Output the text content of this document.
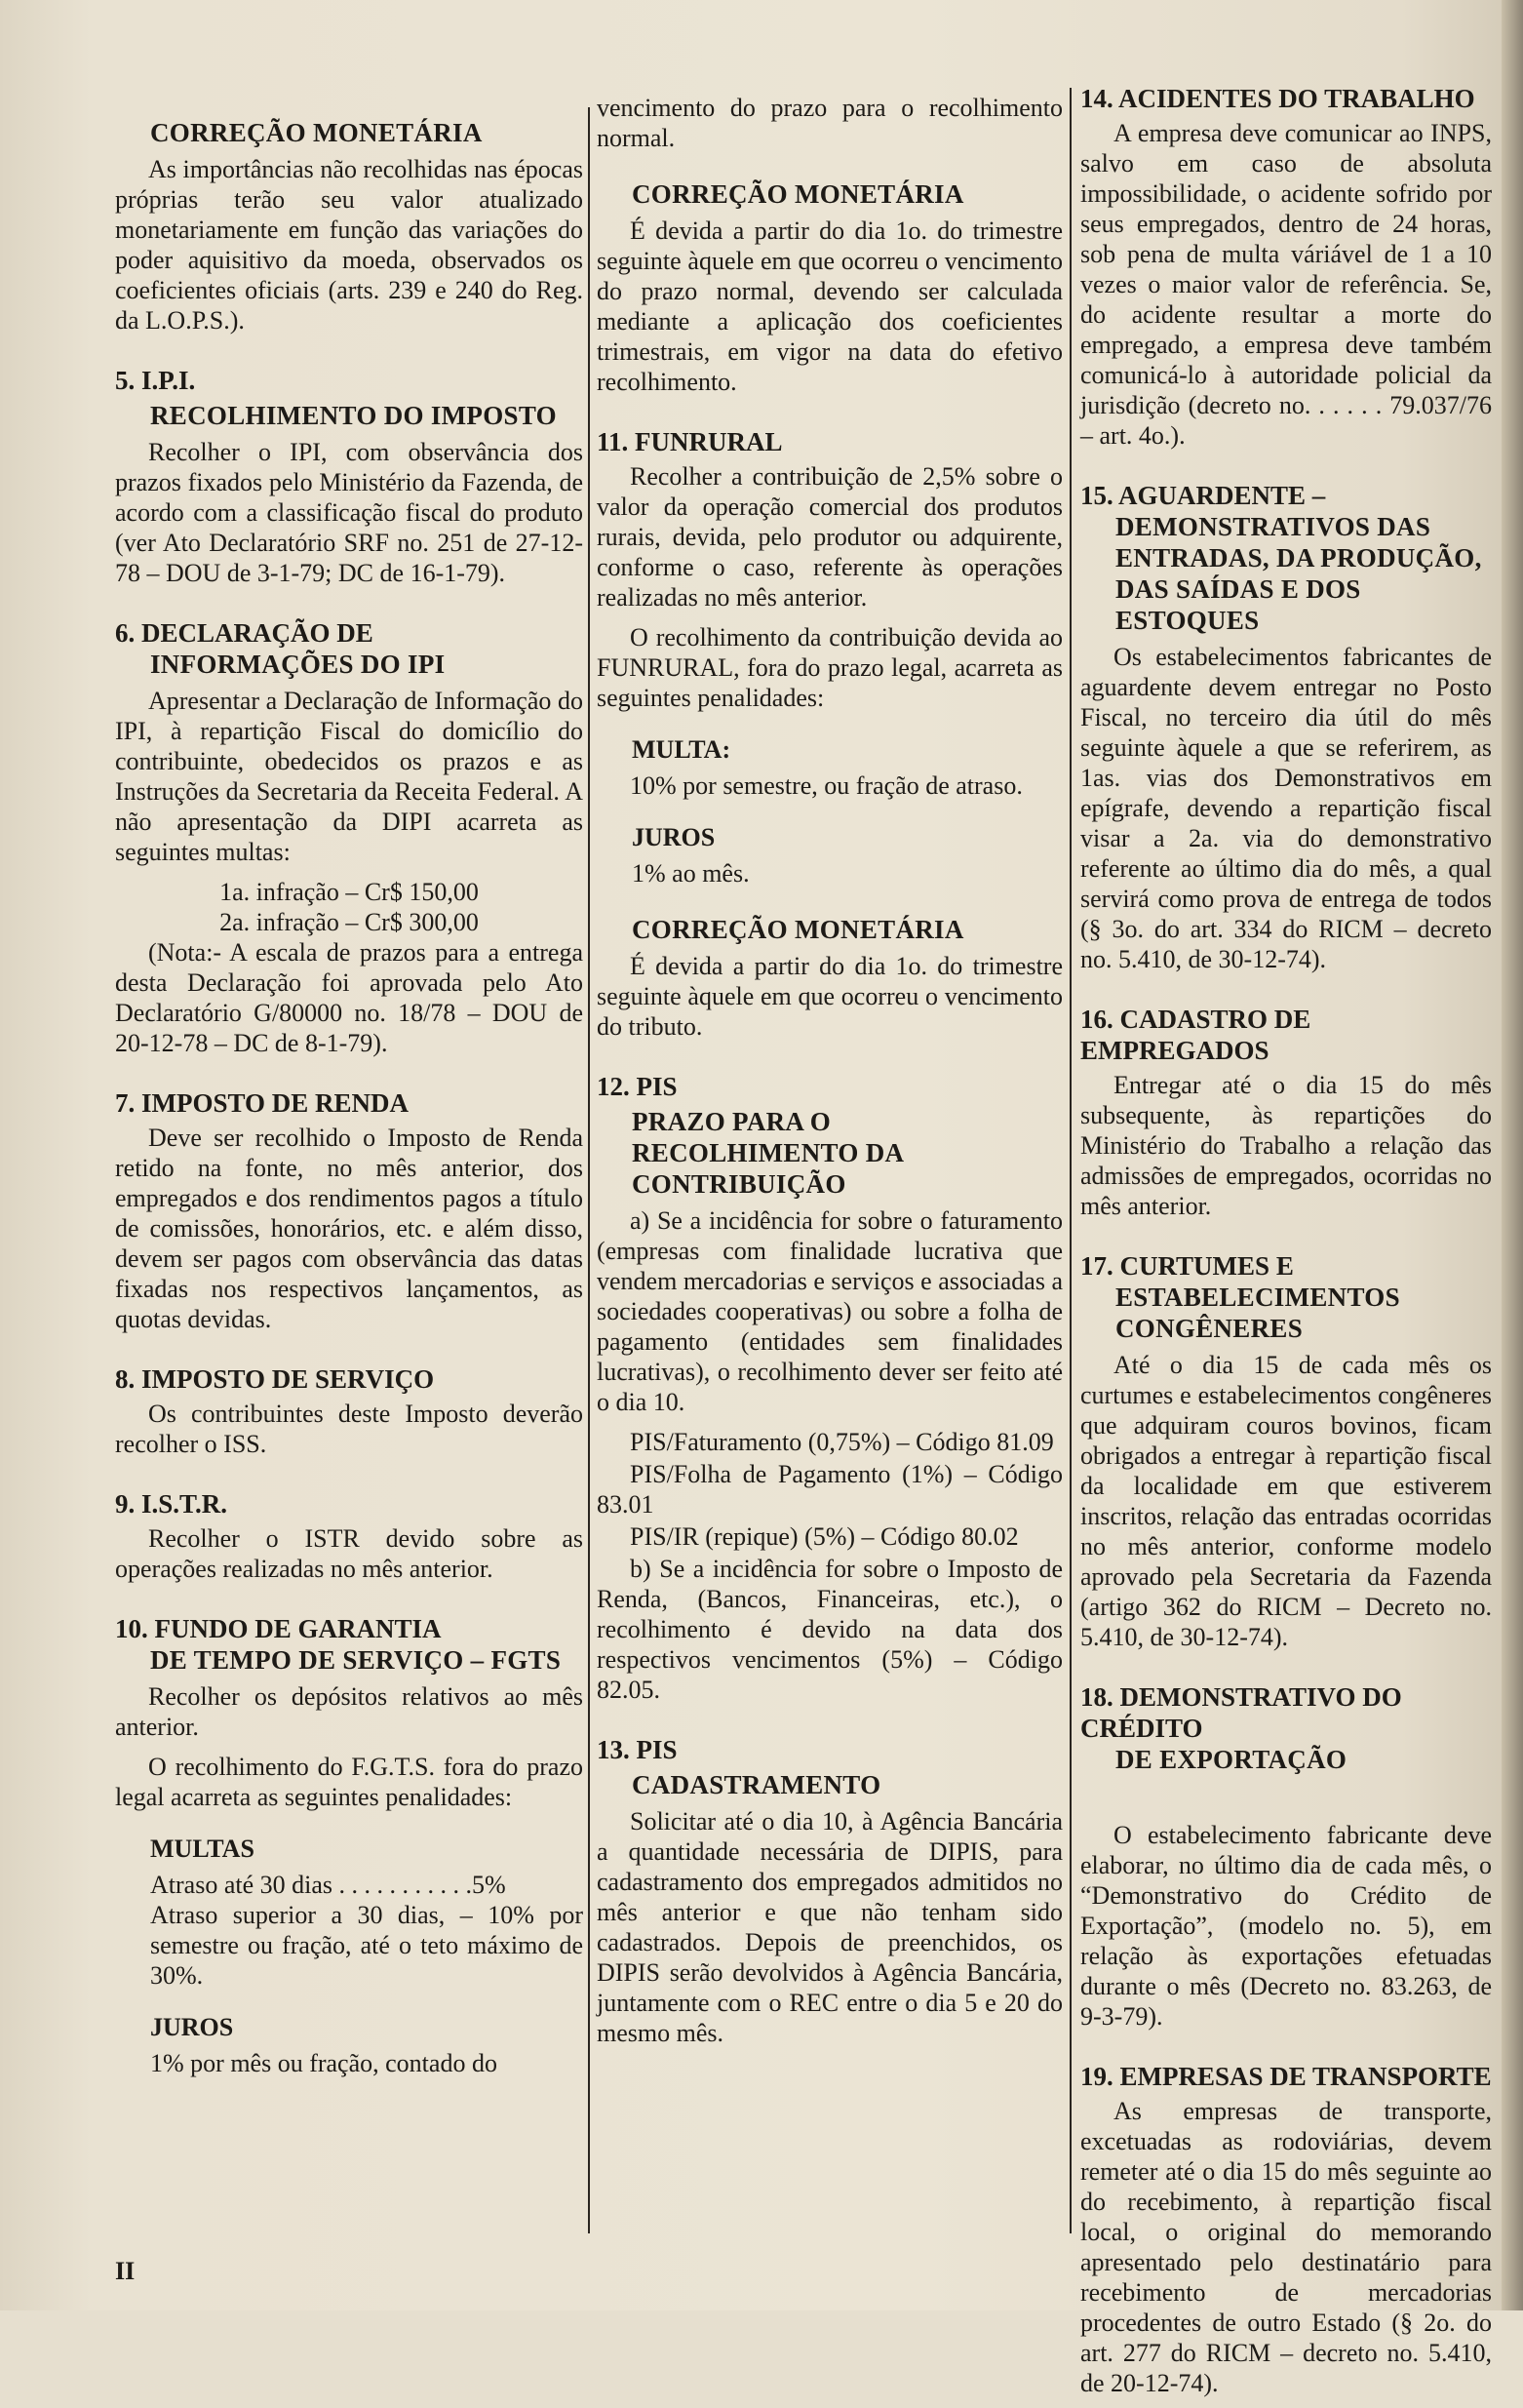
CORREÇÃO MONETÁRIA
As importâncias não recolhidas nas épocas próprias terão seu valor atualizado monetariamente em função das variações do poder aquisitivo da moeda, observados os coeficientes oficiais (arts. 239 e 240 do Reg. da L.O.P.S.).
5. I.P.I.
RECOLHIMENTO DO IMPOSTO
Recolher o IPI, com observância dos prazos fixados pelo Ministério da Fazenda, de acordo com a classificação fiscal do produto (ver Ato Declaratório SRF no. 251 de 27-12-78 – DOU de 3-1-79; DC de 16-1-79).
6. DECLARAÇÃO DE
INFORMAÇÕES DO IPI
Apresentar a Declaração de Informação do IPI, à repartição Fiscal do domicílio do contribuinte, obedecidos os prazos e as Instruções da Secretaria da Receita Federal. A não apresentação da DIPI acarreta as seguintes multas:
1a. infração – Cr$ 150,00
2a. infração – Cr$ 300,00
(Nota:- A escala de prazos para a entrega desta Declaração foi aprovada pelo Ato Declaratório G/80000 no. 18/78 – DOU de 20-12-78 – DC de 8-1-79).
7. IMPOSTO DE RENDA
Deve ser recolhido o Imposto de Renda retido na fonte, no mês anterior, dos empregados e dos rendimentos pagos a título de comissões, honorários, etc. e além disso, devem ser pagos com observância das datas fixadas nos respectivos lançamentos, as quotas devidas.
8. IMPOSTO DE SERVIÇO
Os contribuintes deste Imposto deverão recolher o ISS.
9. I.S.T.R.
Recolher o ISTR devido sobre as operações realizadas no mês anterior.
10. FUNDO DE GARANTIA
DE TEMPO DE SERVIÇO – FGTS
Recolher os depósitos relativos ao mês anterior.
O recolhimento do F.G.T.S. fora do prazo legal acarreta as seguintes penalidades:
MULTAS
Atraso até 30 dias . . . . . . . . . . .5%
Atraso superior a 30 dias, – 10% por semestre ou fração, até o teto máximo de 30%.
JUROS
1% por mês ou fração, contado do
vencimento do prazo para o recolhimento normal.
CORREÇÃO MONETÁRIA
É devida a partir do dia 1o. do trimestre seguinte àquele em que ocorreu o vencimento do prazo normal, devendo ser calculada mediante a aplicação dos coeficientes trimestrais, em vigor na data do efetivo recolhimento.
11. FUNRURAL
Recolher a contribuição de 2,5% sobre o valor da operação comercial dos produtos rurais, devida, pelo produtor ou adquirente, conforme o caso, referente às operações realizadas no mês anterior.
O recolhimento da contribuição devida ao FUNRURAL, fora do prazo legal, acarreta as seguintes penalidades:
MULTA:
10% por semestre, ou fração de atraso.
JUROS
1% ao mês.
CORREÇÃO MONETÁRIA
É devida a partir do dia 1o. do trimestre seguinte àquele em que ocorreu o vencimento do tributo.
12. PIS
PRAZO PARA O
RECOLHIMENTO DA
CONTRIBUIÇÃO
a) Se a incidência for sobre o faturamento (empresas com finalidade lucrativa que vendem mercadorias e serviços e associadas a sociedades cooperativas) ou sobre a folha de pagamento (entidades sem finalidades lucrativas), o recolhimento dever ser feito até o dia 10.
PIS/Faturamento (0,75%) – Código 81.09
PIS/Folha de Pagamento (1%) – Código 83.01
PIS/IR (repique) (5%) – Código 80.02
b) Se a incidência for sobre o Imposto de Renda, (Bancos, Financeiras, etc.), o recolhimento é devido na data dos respectivos vencimentos (5%) – Código 82.05.
13. PIS
CADASTRAMENTO
Solicitar até o dia 10, à Agência Bancária a quantidade necessária de DIPIS, para cadastramento dos empregados admitidos no mês anterior e que não tenham sido cadastrados. Depois de preenchidos, os DIPIS serão devolvidos à Agência Bancária, juntamente com o REC entre o dia 5 e 20 do mesmo mês.
14. ACIDENTES DO TRABALHO
A empresa deve comunicar ao INPS, salvo em caso de absoluta impossibilidade, o acidente sofrido por seus empregados, dentro de 24 horas, sob pena de multa váriável de 1 a 10 vezes o maior valor de referência. Se, do acidente resultar a morte do empregado, a empresa deve também comunicá-lo à autoridade policial da jurisdição (decreto no. . . . . . 79.037/76 – art. 4o.).
15. AGUARDENTE –
DEMONSTRATIVOS DAS
ENTRADAS, DA PRODUÇÃO,
DAS SAÍDAS E DOS ESTOQUES
Os estabelecimentos fabricantes de aguardente devem entregar no Posto Fiscal, no terceiro dia útil do mês seguinte àquele a que se referirem, as 1as. vias dos Demonstrativos em epígrafe, devendo a repartição fiscal visar a 2a. via do demonstrativo referente ao último dia do mês, a qual servirá como prova de entrega de todos (§ 3o. do art. 334 do RICM – decreto no. 5.410, de 30-12-74).
16. CADASTRO DE EMPREGADOS
Entregar até o dia 15 do mês subsequente, às repartições do Ministério do Trabalho a relação das admissões de empregados, ocorridas no mês anterior.
17. CURTUMES E
ESTABELECIMENTOS
CONGÊNERES
Até o dia 15 de cada mês os curtumes e estabelecimentos congêneres que adquiram couros bovinos, ficam obrigados a entregar à repartição fiscal da localidade em que estiverem inscritos, relação das entradas ocorridas no mês anterior, conforme modelo aprovado pela Secretaria da Fazenda (artigo 362 do RICM – Decreto no. 5.410, de 30-12-74).
18. DEMONSTRATIVO DO CRÉDITO
DE EXPORTAÇÃO
O estabelecimento fabricante deve elaborar, no último dia de cada mês, o “Demonstrativo do Crédito de Exportação”, (modelo no. 5), em relação às exportações efetuadas durante o mês (Decreto no. 83.263, de 9-3-79).
19. EMPRESAS DE TRANSPORTE
As empresas de transporte, excetuadas as rodoviárias, devem remeter até o dia 15 do mês seguinte ao do recebimento, à repartição fiscal local, o original do memorando apresentado pelo destinatário para recebimento de mercadorias procedentes de outro Estado (§ 2o. do art. 277 do RICM – decreto no. 5.410, de 20-12-74).
II
